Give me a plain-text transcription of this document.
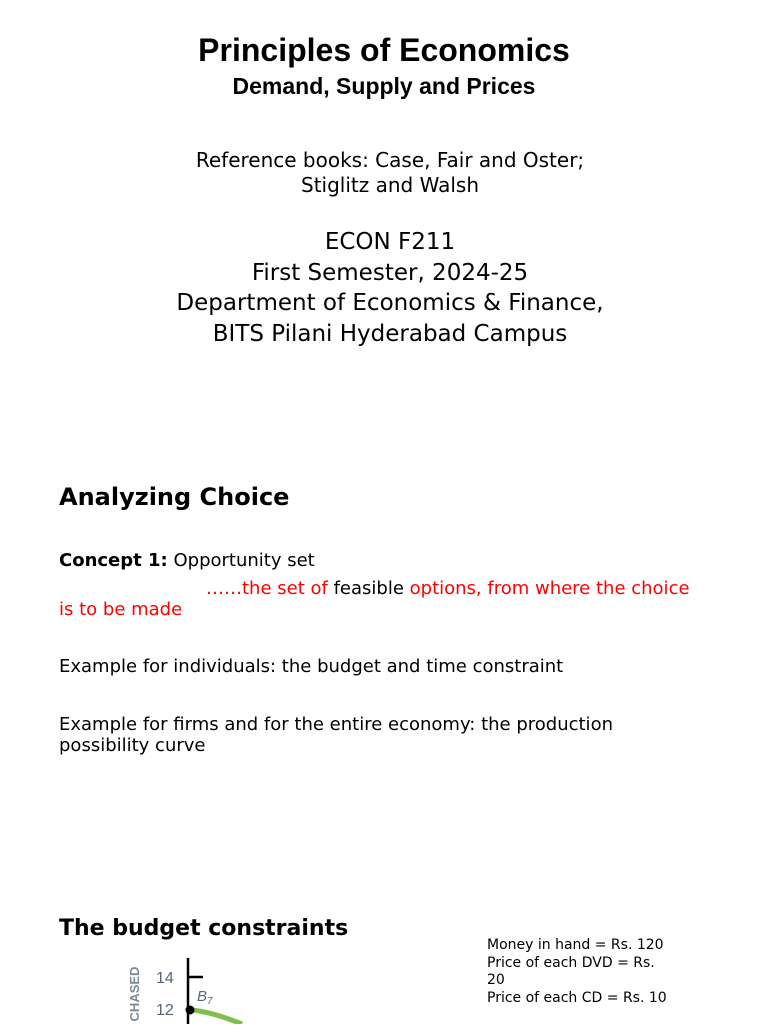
Principles of Economics
Demand, Supply and Prices
Reference books: Case, Fair and Oster;
Stiglitz and Walsh
ECON F211
First Semester, 2024-25
Department of Economics & Finance,
BITS Pilani Hyderabad Campus
Analyzing Choice
Concept 1: Opportunity set
……the set of feasible options, from where the choice is to be made
Example for individuals: the budget and time constraint
Example for firms and for the entire economy: the production possibility curve
The budget constraints
Money in hand = Rs. 120
Price of each DVD = Rs. 20
Price of each CD = Rs. 10
CHASED 14
12
$B_7$
